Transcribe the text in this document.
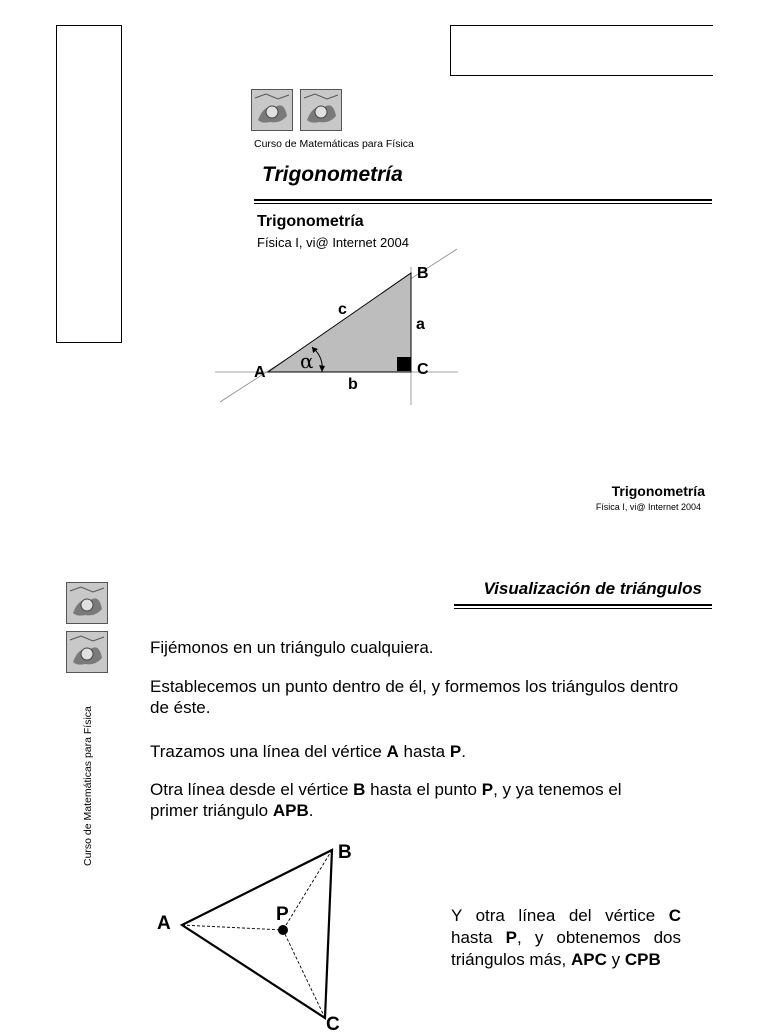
Curso de Matemáticas para Física
Trigonometría
Trigonometría
Física I, vi@ Internet 2004
B
c
a
α
A	C
b
Trigonometría
Física I, vi@ Internet 2004
Curso de Matemáticas para Física
Visualización de triángulos

Fijémonos en un triángulo cualquiera.

Establecemos un punto dentro de él, y formemos los triángulos dentro de éste.

Trazamos una línea del vértice A hasta P.

Otra línea desde el vértice B hasta el punto P, y ya tenemos el primer triángulo APB.

B
P
A
C

Y otra línea del vértice C hasta P, y obtenemos dos triángulos más, APC y CPB
